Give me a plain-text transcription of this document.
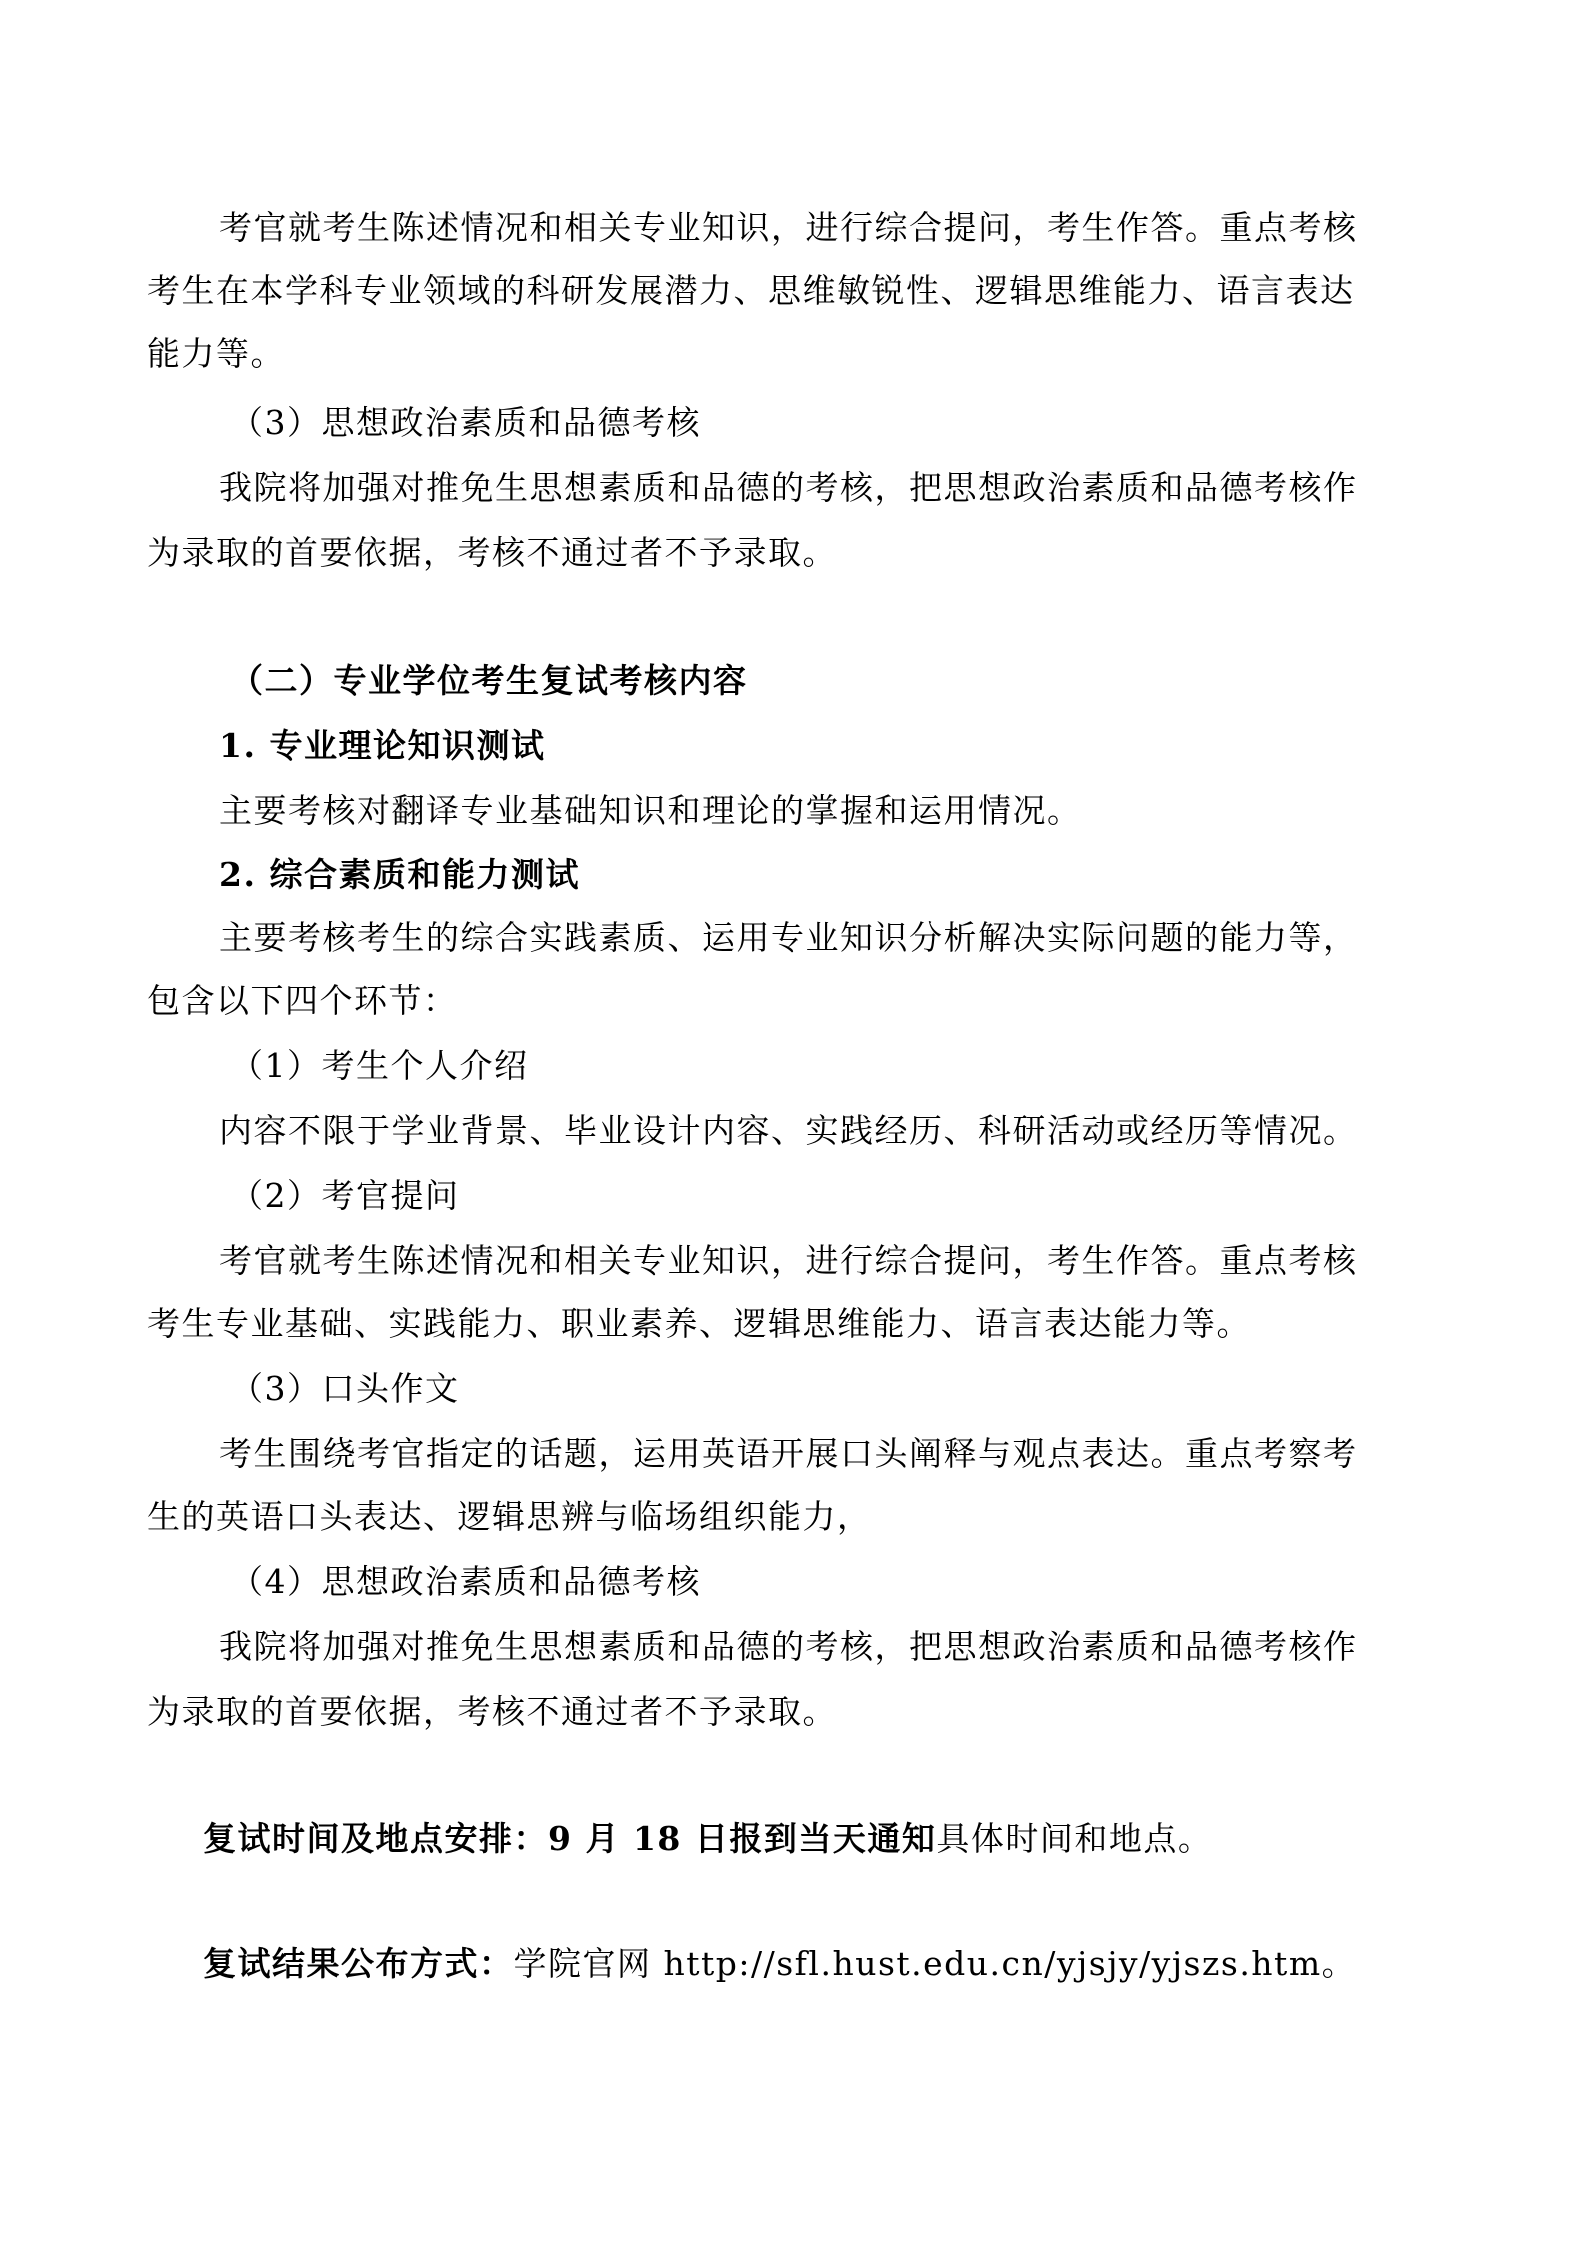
考官就考生陈述情况和相关专业知识，进行综合提问，考生作答。重点考核
考生在本学科专业领域的科研发展潜力、思维敏锐性、逻辑思维能力、语言表达
能力等。
（3）思想政治素质和品德考核
我院将加强对推免生思想素质和品德的考核，把思想政治素质和品德考核作
为录取的首要依据，考核不通过者不予录取。
（二）专业学位考生复试考核内容
1. 专业理论知识测试
主要考核对翻译专业基础知识和理论的掌握和运用情况。
2. 综合素质和能力测试
主要考核考生的综合实践素质、运用专业知识分析解决实际问题的能力等，
包含以下四个环节：
（1）考生个人介绍
内容不限于学业背景、毕业设计内容、实践经历、科研活动或经历等情况。
（2）考官提问
考官就考生陈述情况和相关专业知识，进行综合提问，考生作答。重点考核
考生专业基础、实践能力、职业素养、逻辑思维能力、语言表达能力等。
（3）口头作文
考生围绕考官指定的话题，运用英语开展口头阐释与观点表达。重点考察考
生的英语口头表达、逻辑思辨与临场组织能力，
（4）思想政治素质和品德考核
我院将加强对推免生思想素质和品德的考核，把思想政治素质和品德考核作
为录取的首要依据，考核不通过者不予录取。
复试时间及地点安排：9 月 18 日报到当天通知具体时间和地点。
复试结果公布方式：学院官网 http://sfl.hust.edu.cn/yjsjy/yjszs.htm。
